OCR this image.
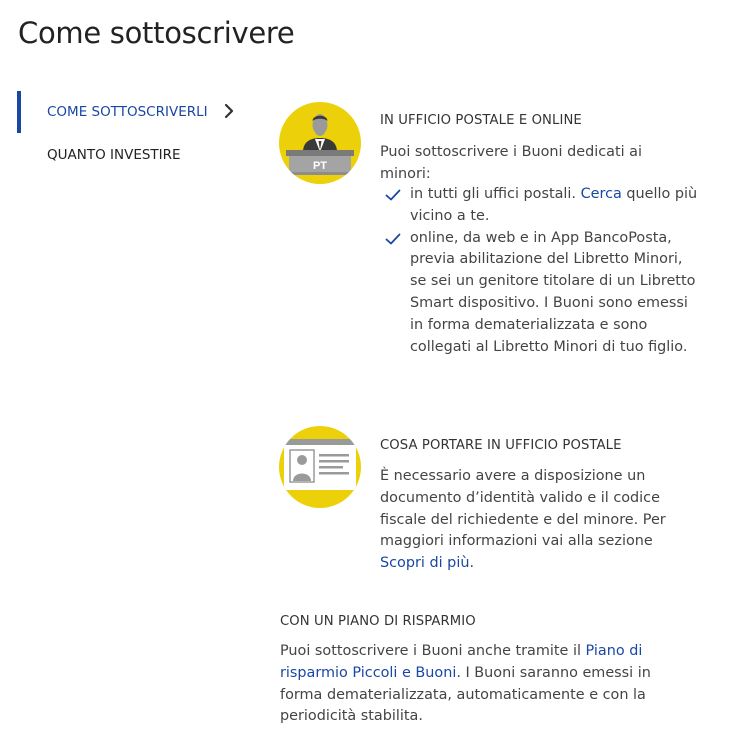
Come sottoscrivere
COME SOTTOSCRIVERLI
QUANTO INVESTIRE
PT
IN UFFICIO POSTALE E ONLINE

Puoi sottoscrivere i Buoni dedicati ai minori:

in tutti gli uffici postali. Cerca quello più vicino a te.
online, da web e in App BancoPosta, previa abilitazione del Libretto Minori, se sei un genitore titolare di un Libretto Smart dispositivo. I Buoni sono emessi in forma dematerializzata e sono collegati al Libretto Minori di tuo figlio.
COSA PORTARE IN UFFICIO POSTALE

È necessario avere a disposizione un documento d’identità valido e il codice fiscale del richiedente e del minore. Per maggiori informazioni vai alla sezione Scopri di più.

CON UN PIANO DI RISPARMIO

Puoi sottoscrivere i Buoni anche tramite il Piano di risparmio Piccoli e Buoni. I Buoni saranno emessi in forma dematerializzata, automaticamente e con la periodicità stabilita.
